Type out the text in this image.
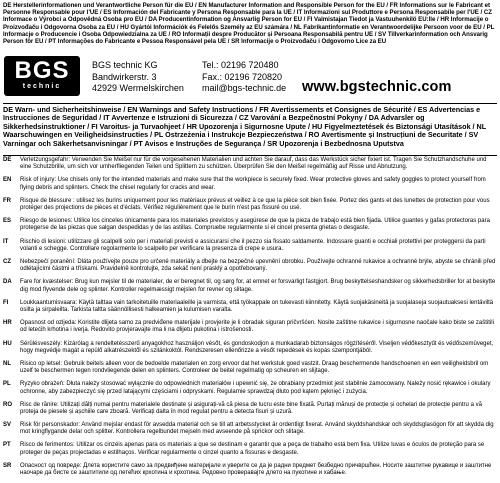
DE Herstellerinformationen und Verantwortliche Person für die EU / EN Manufacturer Information and Responsible Person for the EU / FR Informations sur le Fabricant et Personne Responsable pour l'UE / ES Información del Fabricante y Persona Responsable para la UE / IT Informazioni sul Produttore e Persona Responsabile per l'UE / CZ Informace o Výrobci a Odpovědná Osoba pro EU / DA Producentinformation og Ansvarlig Person for EU / FI Valmistajan Tiedot ja Vastuuhenkilö EU:lle / HR Informacije o Proizvođaču i Odgovorna Osoba za EU / HU Gyártói Információk és Felelős Személy az EU számára / NL Fabrikantinformatie en Verantwoordelijke Persoon voor de EU / PL Informacje o Producencie i Osoba Odpowiedzialna za UE / RO Informații despre Producător și Persoana Responsabilă pentru UE / SV Tillverkarinformation och Ansvarig Person för EU / PT Informações do Fabricante e Pessoa Responsável pela UE / SR Informacije o Proizvođaču i Odgovorno Lice za EU
BGS
technic
BGS technic KG
Bandwirkerstr. 3
42929 Wermelskirchen
Tel.: 02196 720480
Fax.: 02196 720820
mail@bgs-technic.de www.bgstechnic.com
DE Warn- und Sicherheitshinweise / EN Warnings and Safety Instructions / FR Avertissements et Consignes de Sécurité / ES Advertencias e Instrucciones de Seguridad / IT Avvertenze e Istruzioni di Sicurezza / CZ Varování a Bezpečnostní Pokyny / DA Advarsler og Sikkerhedsinstruktioner / FI Varoitus- ja Turvaohjeet / HR Upozorenja i Sigurnosne Upute / HU Figyelmeztetések és Biztonsági Utasítások / NL Waarschuwingen en Veiligheidsinstructies / PL Ostrzeżenia i Instrukcje Bezpieczeństwa / RO Avertismente și Instrucțiuni de Securitate / SV Varningar och Säkerhetsanvisningar / PT Avisos e Instruções de Segurança / SR Upozorenja i Bezbednosna Uputstva
DE	Verletzungsgefahr: Verwenden Sie Meißel nur für die vorgesehenen Materialien und achten Sie darauf, dass das Werkstück sicher fixiert ist. Tragen Sie Schutzhandschuhe und eine Schutzbrille, um sich vor umherfliegenden Teilen und Splittern zu schützen. Überprüfen Sie den Meißel regelmäßig auf Risse und Abnutzung.
EN	Risk of injury: Use chisels only for the intended materials and make sure that the workpiece is securely fixed. Wear protective gloves and safety goggles to protect yourself from flying debris and splinters. Check the chisel regularly for cracks and wear.
FR	Risque de blessure : utilisez les burins uniquement pour les matériaux prévus et veillez à ce que la pièce soit bien fixée. Portez des gants et des lunettes de protection pour vous protéger des projections de pièces et d'éclats. Vérifiez régulièrement que le burin n'est pas fissuré ou usé.
ES	Riesgo de lesiones: Utilice los cinceles únicamente para los materiales previstos y asegúrese de que la pieza de trabajo está bien fijada. Utilice guantes y gafas protectoras para protegerse de las piezas que salgan despedidas y de las astillas. Compruebe regularmente si el cincel presenta grietas o desgaste.
IT	Rischio di lesioni: utilizzare gli scalpelli solo per i materiali previsti e assicurarsi che il pezzo sia fissato saldamente. Indossare guanti e occhiali protettivi per proteggersi da parti volanti e schegge. Controllare regolarmente lo scalpello per verificare la presenza di crepe e usura.
CZ	Nebezpečí poranění: Dláta používejte pouze pro určené materiály a dbejte na bezpečné upevnění obrobku. Používejte ochranné rukavice a ochranné brýle, abyste se chránili před odlétajícími částmi a třískami. Pravidelně kontrolujte, zda sekáč není prasklý a opotřebovaný.
DA	Fare for kvæstelser: Brug kun mejsler til de materialer, de er beregnet til, og sørg for, at emnet er forsvarligt fastgjort. Brug beskyttelseshandsker og sikkerhedsbriller for at beskytte dig mod flyvende dele og splinter. Kontroller regelmæssigt mejslen for revner og slitage.
FI	Loukkaantumisvaara: Käytä talttaa vain tarkoitetuille materiaaleille ja varmista, että työkappale on tukevasti kiinnitetty. Käytä suojakäsineitä ja suojalaseja suojautuaksesi lentäviltä osilta ja sirpaleilta. Tarkista taltta säännöllisesti halkeamien ja kulumisen varalta.
HR	Opasnost od ozljeda: Koristite dlijeta samo za predviđene materijale i provjerite je li obradak siguran pričvršćen. Nosite zaštitne rukavice i sigurnosne naočale kako biste se zaštitili od letećih krhotina i iverja. Redovito provjeravajte ima li na dlijetu pukotina i istrošenosti.
HU	Sérülésveszély: Kizárólag a rendeltetésszerű anyagokhoz használjon vésőt, és gondoskodjon a munkadarab biztonságos rögzítéséről. Viseljen védőkesztyűt és védőszemüveget, hogy megvédje magát a repülő alkatrészektől és szilánkoktól. Rendszeresen ellenőrizze a vésőt repedések és kopás szempontjából.
NL	Risico op letsel: Gebruik beitels alleen voor de bedoelde materialen en zorg ervoor dat het werkstuk goed vastzit. Draag beschermende handschoenen en een veiligheidsbril om uzelf te beschermen tegen rondvliegende delen en splinters. Controleer de beitel regelmatig op scheuren en slijtage.
PL	Ryzyko obrażeń: Dłuta należy stosować wyłącznie do odpowiednich materiałów i upewnić się, że obrabiany przedmiot jest stabilnie zamocowany. Należy nosić rękawice i okulary ochronne, aby zabezpieczyć się przed latającymi częściami i odpryskami. Regularnie sprawdzaj dłuto pod kątem pęknięć i zużycia.
RO	Risc de rănire: Utilizați dălți numai pentru materialele destinate și asigurați-vă că piesa de lucru este bine fixată. Purtați mănuși de protecție și ochelari de protecție pentru a vă proteja de piesele și așchiile care zboară. Verificați dalta în mod regulat pentru a detecta fisuri și uzură.
SV	Risk för personskador: Använd mejslar endast för avsedda material och se till att arbetsstycket är ordentligt fixerat. Använd skyddshandskar och skyddsglasögon för att skydda dig mot kringflygande delar och splitter. Kontrollera regelbundet mejseln med avseende på sprickor och slitage.
PT	Risco de ferimentos: Utilizar os cinzéis apenas para os materiais a que se destinam e garantir que a peça de trabalho está bem fixa. Utilize luvas e óculos de proteção para se proteger de peças projectadas e estilhaços. Verificar regularmente o cinzel quanto a fissuras e desgaste.
SR	Опасност од повреде: Длета користите само за предвиђене материјале и уверите се да је радни предмет безбедно причвршћен. Носите заштитне рукавице и заштитне наочаре да бисте се заштитили од летећих крхотина и крхотина. Редовно проверавајте длето на пукотине и хабање.
